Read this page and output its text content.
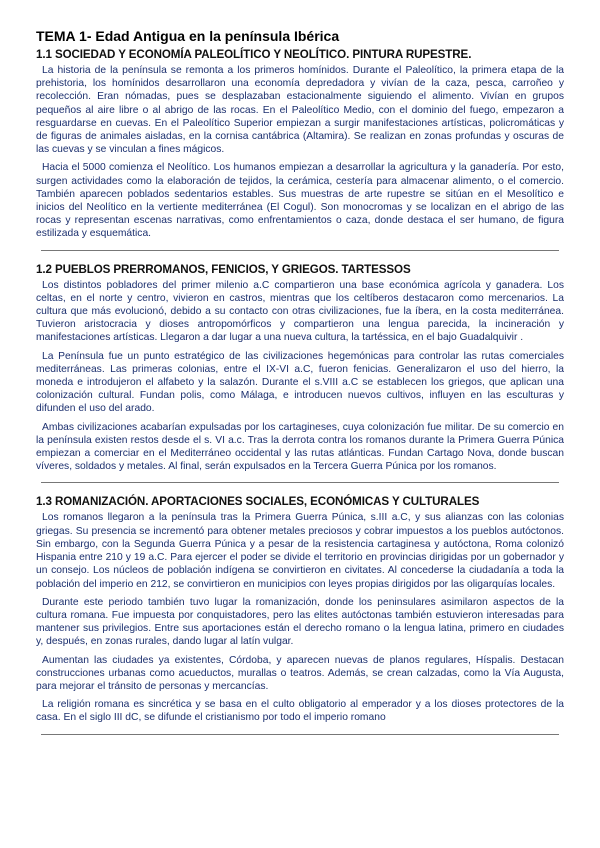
TEMA 1- Edad Antigua en la península Ibérica
1.1 SOCIEDAD Y ECONOMÍA PALEOLÍTICO Y NEOLÍTICO. PINTURA RUPESTRE.

La historia de la península se remonta a los primeros homínidos. Durante el Paleolítico, la primera etapa de la prehistoria, los homínidos desarrollaron una economía depredadora y vivían de la caza, pesca, carroñeo y recolección. Eran nómadas, pues se desplazaban estacionalmente siguiendo el alimento. Vivían en grupos pequeños al aire libre o al abrigo de las rocas. En el Paleolítico Medio, con el dominio del fuego, empezaron a resguardarse en cuevas. En el Paleolítico Superior empiezan a surgir manifestaciones artísticas, policromáticas y de figuras de animales aisladas, en la cornisa cantábrica (Altamira). Se realizan en zonas profundas y oscuras de las cuevas y se vinculan a fines mágicos.

Hacia el 5000 comienza el Neolítico. Los humanos empiezan a desarrollar la agricultura y la ganadería. Por esto, surgen actividades como la elaboración de tejidos, la cerámica, cestería para almacenar alimento, o el comercio. También aparecen poblados sedentarios estables. Sus muestras de arte rupestre se sitúan en el Mesolítico e inicios del Neolítico en la vertiente mediterránea (El Cogul). Son monocromas y se localizan en el abrigo de las rocas y representan escenas narrativas, como enfrentamientos o caza, donde destaca el ser humano, de figura estilizada y esquemática.

1.2 PUEBLOS PRERROMANOS, FENICIOS, Y GRIEGOS. TARTESSOS

Los distintos pobladores del primer milenio a.C compartieron una base económica agrícola y ganadera. Los celtas, en el norte y centro, vivieron en castros, mientras que los celtíberos destacaron como mercenarios. La cultura que más evolucionó, debido a su contacto con otras civilizaciones, fue la íbera, en la costa mediterránea. Tuvieron aristocracia y dioses antropomórficos y compartieron una lengua parecida, la incineración y manifestaciones artísticas. Llegaron a dar lugar a una nueva cultura, la tartéssica, en el bajo Guadalquivir .

La Península fue un punto estratégico de las civilizaciones hegemónicas para controlar las rutas comerciales mediterráneas. Las primeras colonias, entre el IX-VI a.C, fueron fenicias. Generalizaron el uso del hierro, la moneda e introdujeron el alfabeto y la salazón. Durante el s.VIII a.C se establecen los griegos, que aplican una colonización cultural. Fundan polis, como Málaga, e introducen nuevos cultivos, influyen en las esculturas y difunden el uso del arado.

Ambas civilizaciones acabarían expulsadas por los cartagineses, cuya colonización fue militar. De su comercio en la península existen restos desde el s. VI a.c. Tras la derrota contra los romanos durante la Primera Guerra Púnica empiezan a comerciar en el Mediterráneo occidental y las rutas atlánticas. Fundan Cartago Nova, donde buscan víveres, soldados y metales. Al final, serán expulsados en la Tercera Guerra Púnica por los romanos.

1.3 ROMANIZACIÓN. APORTACIONES SOCIALES, ECONÓMICAS Y CULTURALES

Los romanos llegaron a la península tras la Primera Guerra Púnica, s.III a.C, y sus alianzas con las colonias griegas. Su presencia se incrementó para obtener metales preciosos y cobrar impuestos a los pueblos autóctonos. Sin embargo, con la Segunda Guerra Púnica y a pesar de la resistencia cartaginesa y autóctona, Roma colonizó Hispania entre 210 y 19 a.C. Para ejercer el poder se divide el territorio en provincias dirigidas por un gobernador y un consejo. Los núcleos de población indígena se convirtieron en civitates. Al concederse la ciudadanía a toda la población del imperio en 212, se convirtieron en municipios con leyes propias dirigidos por las oligarquías locales.

Durante este periodo también tuvo lugar la romanización, donde los peninsulares asimilaron aspectos de la cultura romana. Fue impuesta por conquistadores, pero las elites autóctonas también estuvieron interesadas para mantener sus privilegios. Entre sus aportaciones están el derecho romano o la lengua latina, primero en ciudades y, después, en zonas rurales, dando lugar al latín vulgar.

Aumentan las ciudades ya existentes, Córdoba, y aparecen nuevas de planos regulares, Híspalis. Destacan construcciones urbanas como acueductos, murallas o teatros. Además, se crean calzadas, como la Vía Augusta, para mejorar el tránsito de personas y mercancías.

La religión romana es sincrética y se basa en el culto obligatorio al emperador y a los dioses protectores de la casa. En el siglo III dC, se difunde el cristianismo por todo el imperio romano
